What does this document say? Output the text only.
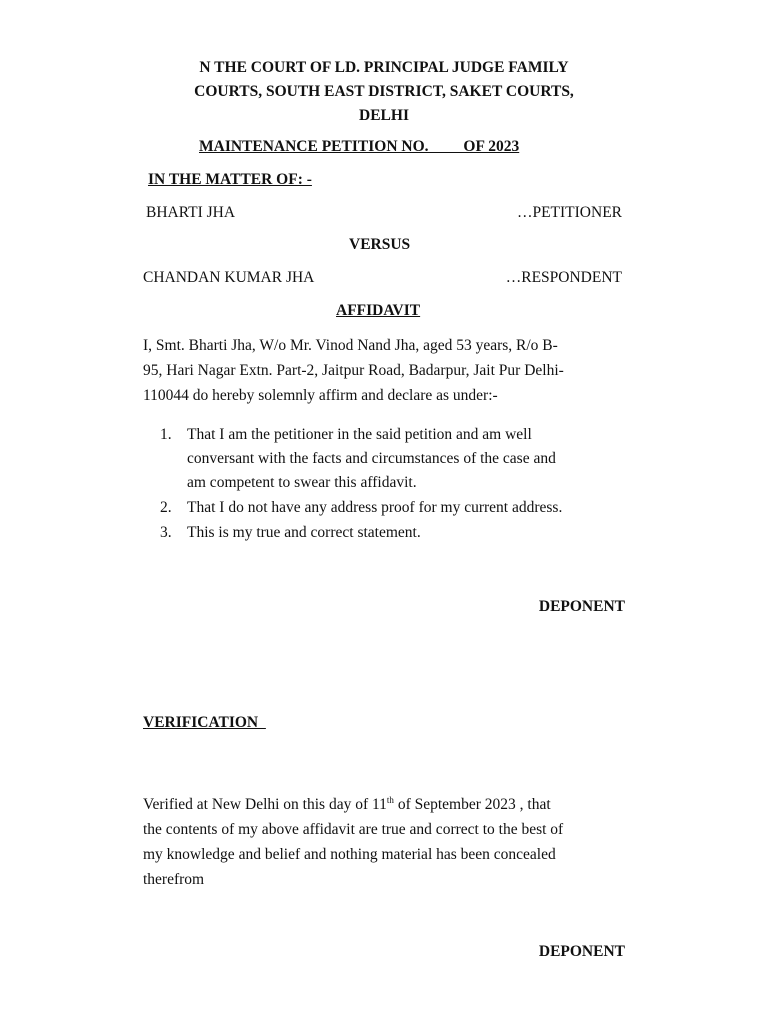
N THE COURT OF LD. PRINCIPAL JUDGE FAMILY
COURTS, SOUTH EAST DISTRICT, SAKET COURTS,
DELHI
MAINTENANCE PETITION NO.         OF 2023
IN THE MATTER OF: -
BHARTI JHA	…PETITIONER
VERSUS
CHANDAN KUMAR JHA	…RESPONDENT
AFFIDAVIT
I, Smt. Bharti Jha, W/o Mr. Vinod Nand Jha, aged 53 years, R/o B-
95, Hari Nagar Extn. Part-2, Jaitpur Road, Badarpur, Jait Pur Delhi-
110044 do hereby solemnly affirm and declare as under:-
1. That I am the petitioner in the said petition and am well
conversant with the facts and circumstances of the case and
am competent to swear this affidavit.
2. That I do not have any address proof for my current address.
3. This is my true and correct statement.
DEPONENT
VERIFICATION
Verified at New Delhi on this day of 11th of September 2023 , that
the contents of my above affidavit are true and correct to the best of
my knowledge and belief and nothing material has been concealed
therefrom
DEPONENT
